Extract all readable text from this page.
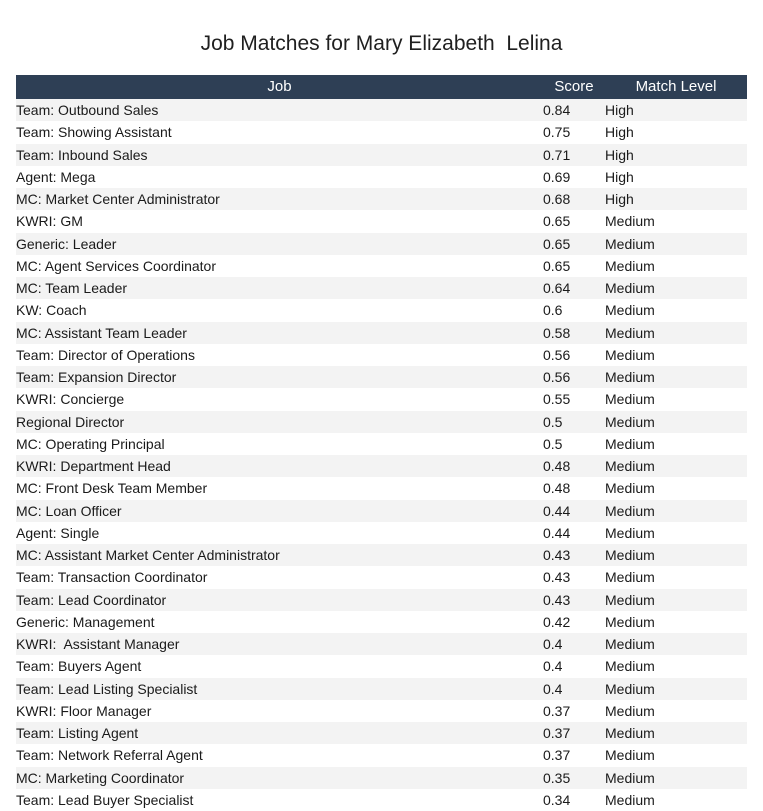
Job Matches for Mary Elizabeth  Lelina
Job	Score	Match Level
Team: Outbound Sales	0.84	High
Team: Showing Assistant	0.75	High
Team: Inbound Sales	0.71	High
Agent: Mega	0.69	High
MC: Market Center Administrator	0.68	High
KWRI: GM	0.65	Medium
Generic: Leader	0.65	Medium
MC: Agent Services Coordinator	0.65	Medium
MC: Team Leader	0.64	Medium
KW: Coach	0.6	Medium
MC: Assistant Team Leader	0.58	Medium
Team: Director of Operations	0.56	Medium
Team: Expansion Director	0.56	Medium
KWRI: Concierge	0.55	Medium
Regional Director	0.5	Medium
MC: Operating Principal	0.5	Medium
KWRI: Department Head	0.48	Medium
MC: Front Desk Team Member	0.48	Medium
MC: Loan Officer	0.44	Medium
Agent: Single	0.44	Medium
MC: Assistant Market Center Administrator	0.43	Medium
Team: Transaction Coordinator	0.43	Medium
Team: Lead Coordinator	0.43	Medium
Generic: Management	0.42	Medium
KWRI:  Assistant Manager	0.4	Medium
Team: Buyers Agent	0.4	Medium
Team: Lead Listing Specialist	0.4	Medium
KWRI: Floor Manager	0.37	Medium
Team: Listing Agent	0.37	Medium
Team: Network Referral Agent	0.37	Medium
MC: Marketing Coordinator	0.35	Medium
Team: Lead Buyer Specialist	0.34	Medium
